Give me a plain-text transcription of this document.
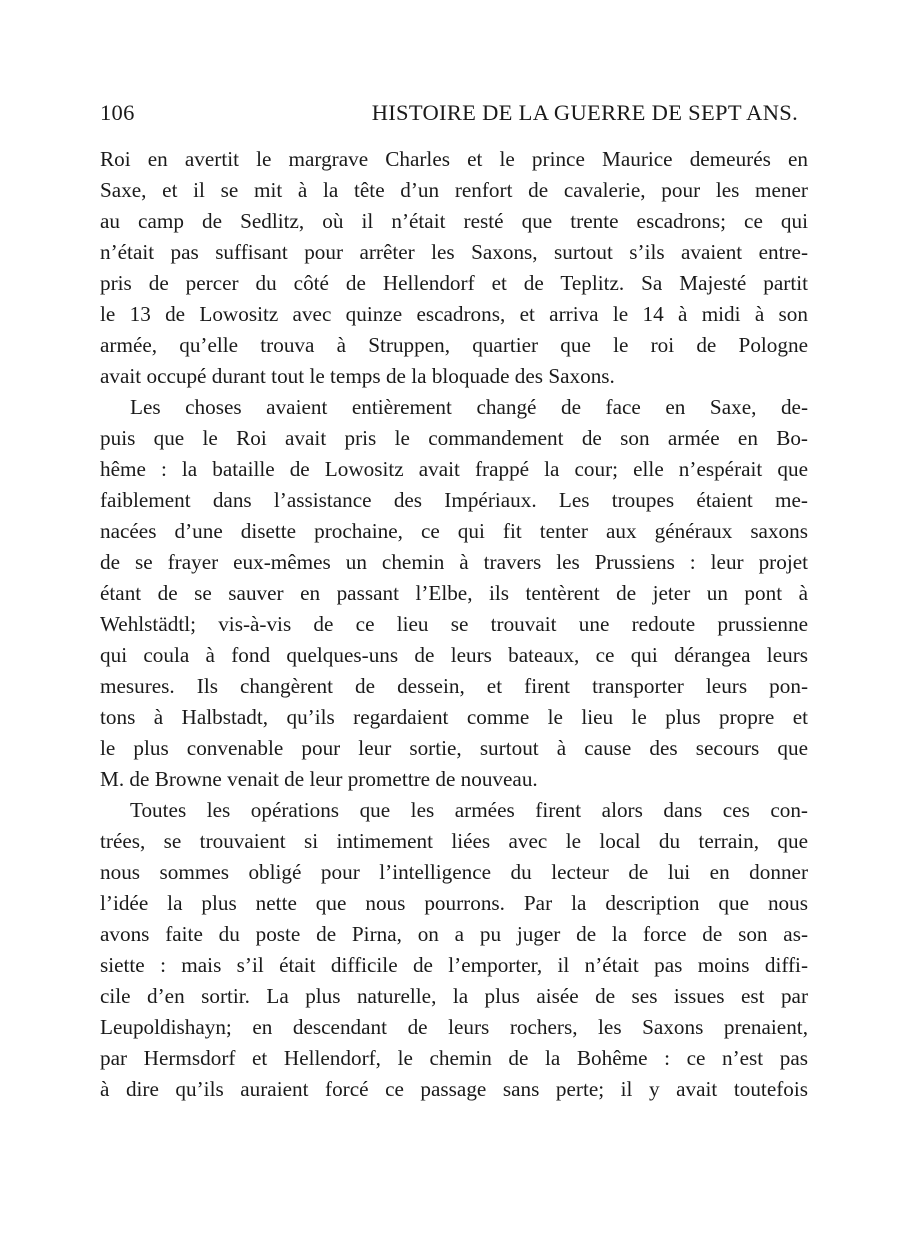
106	HISTOIRE DE LA GUERRE DE SEPT ANS.
Roi en avertit le margrave Charles et le prince Maurice demeurés en
Saxe, et il se mit à la tête d’un renfort de cavalerie, pour les mener
au camp de Sedlitz, où il n’était resté que trente escadrons; ce qui
n’était pas suffisant pour arrêter les Saxons, surtout s’ils avaient entre-
pris de percer du côté de Hellendorf et de Teplitz. Sa Majesté partit
le 13 de Lowositz avec quinze escadrons, et arriva le 14 à midi à son
armée, qu’elle trouva à Struppen, quartier que le roi de Pologne
avait occupé durant tout le temps de la bloquade des Saxons.
Les choses avaient entièrement changé de face en Saxe, de-
puis que le Roi avait pris le commandement de son armée en Bo-
hême : la bataille de Lowositz avait frappé la cour; elle n’espérait que
faiblement dans l’assistance des Impériaux. Les troupes étaient me-
nacées d’une disette prochaine, ce qui fit tenter aux généraux saxons
de se frayer eux-mêmes un chemin à travers les Prussiens : leur projet
étant de se sauver en passant l’Elbe, ils tentèrent de jeter un pont à
Wehlstädtl; vis-à-vis de ce lieu se trouvait une redoute prussienne
qui coula à fond quelques-uns de leurs bateaux, ce qui dérangea leurs
mesures. Ils changèrent de dessein, et firent transporter leurs pon-
tons à Halbstadt, qu’ils regardaient comme le lieu le plus propre et
le plus convenable pour leur sortie, surtout à cause des secours que
M. de Browne venait de leur promettre de nouveau.
Toutes les opérations que les armées firent alors dans ces con-
trées, se trouvaient si intimement liées avec le local du terrain, que
nous sommes obligé pour l’intelligence du lecteur de lui en donner
l’idée la plus nette que nous pourrons. Par la description que nous
avons faite du poste de Pirna, on a pu juger de la force de son as-
siette : mais s’il était difficile de l’emporter, il n’était pas moins diffi-
cile d’en sortir. La plus naturelle, la plus aisée de ses issues est par
Leupoldishayn; en descendant de leurs rochers, les Saxons prenaient,
par Hermsdorf et Hellendorf, le chemin de la Bohême : ce n’est pas
à dire qu’ils auraient forcé ce passage sans perte; il y avait toutefois
